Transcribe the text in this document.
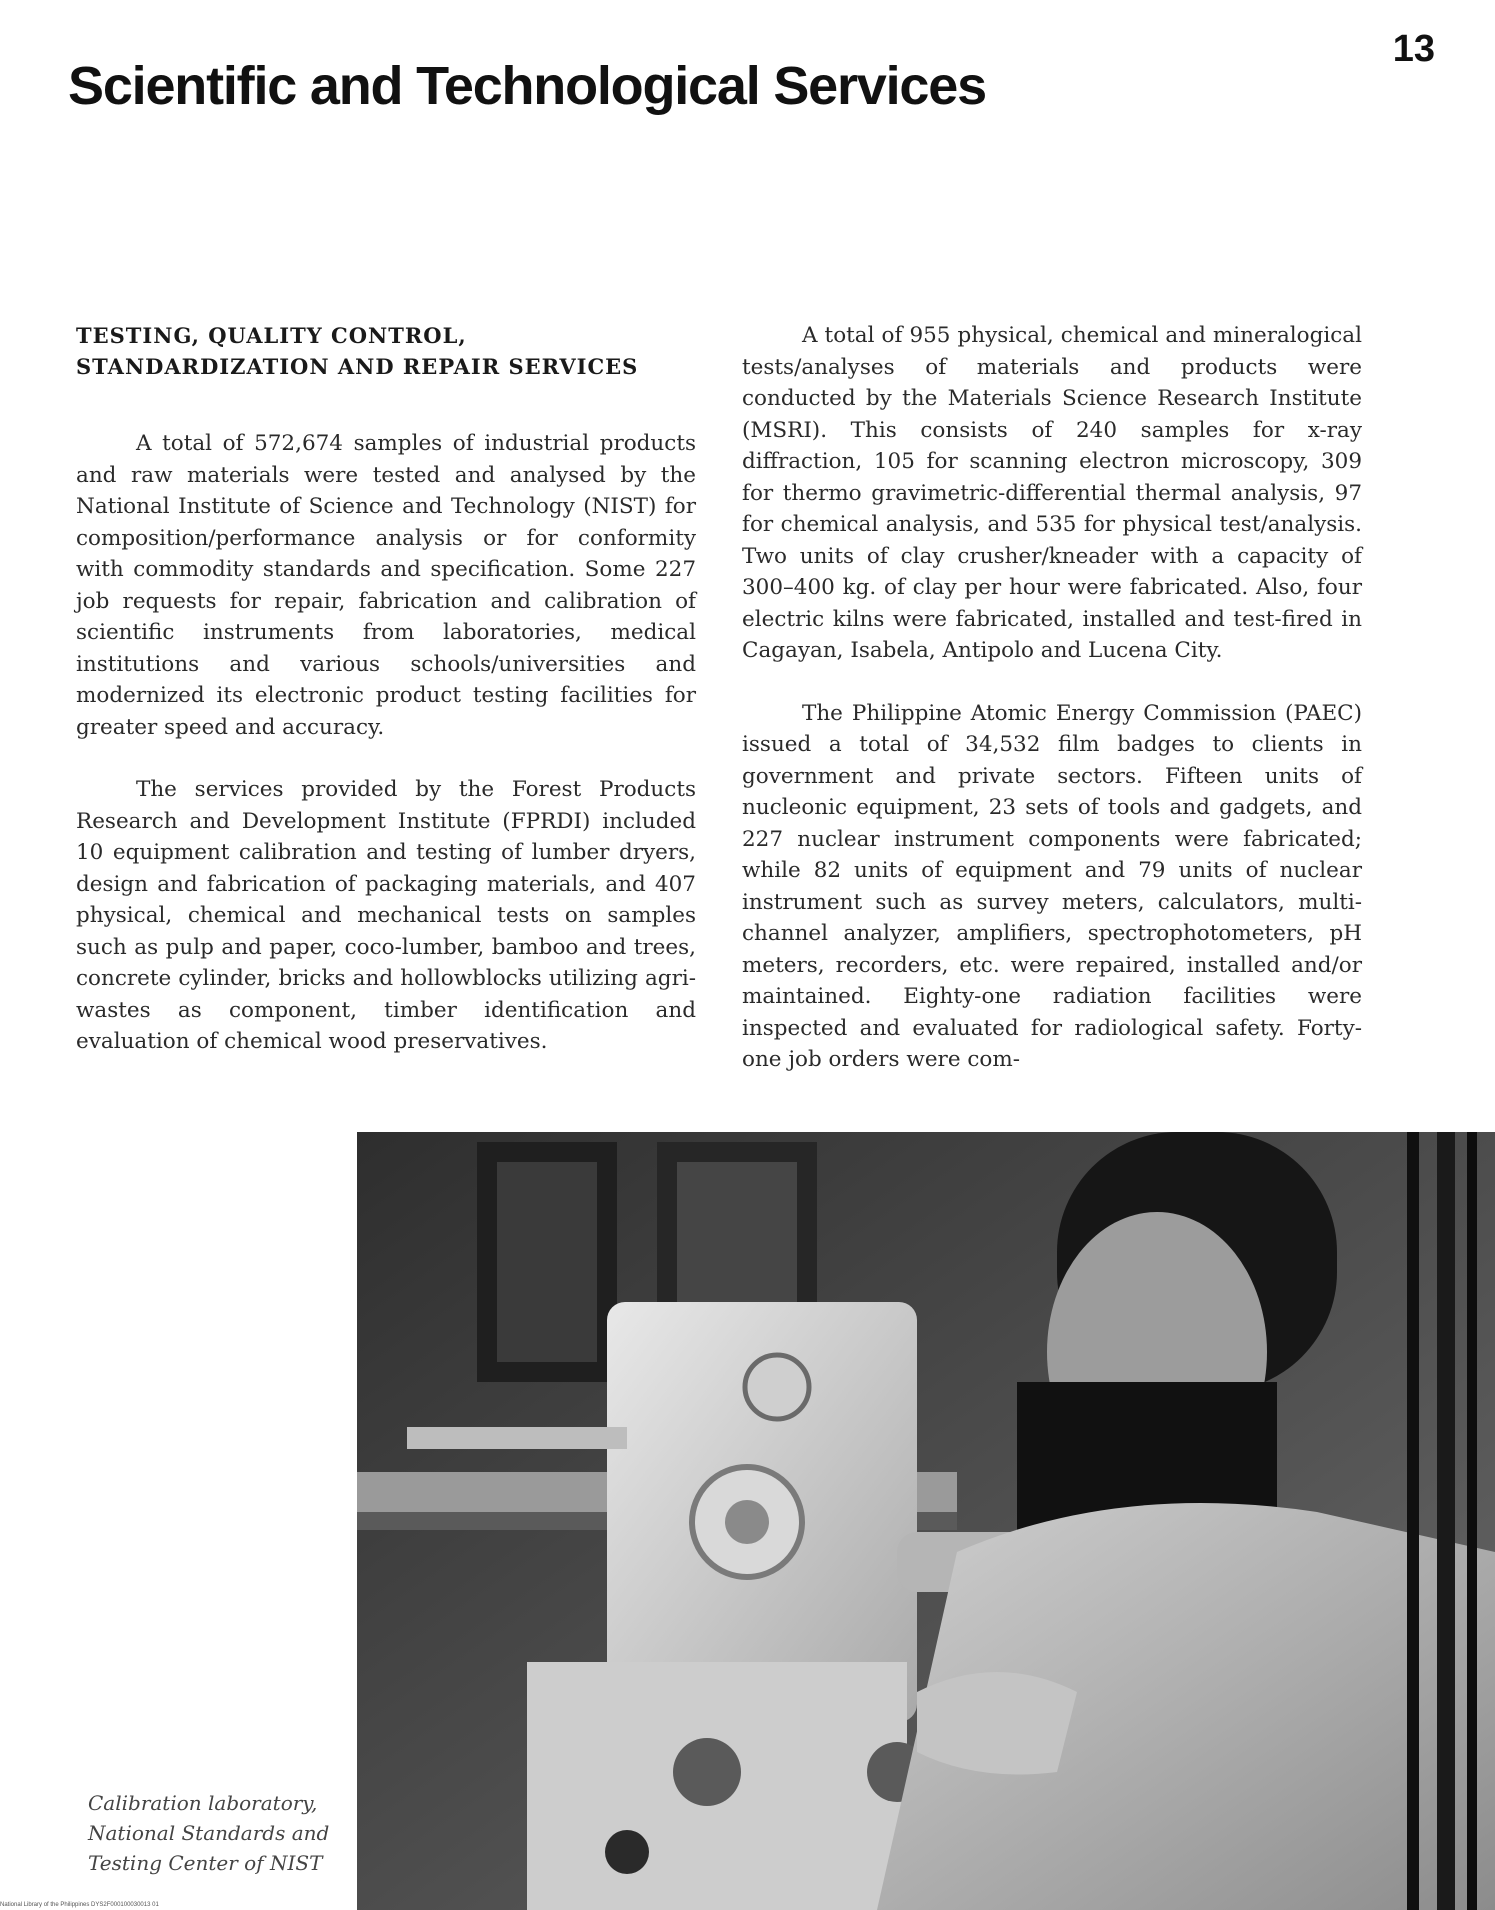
13
Scientific and Technological Services
TESTING, QUALITY CONTROL, STANDARDIZATION AND REPAIR SERVICES

A total of 572,674 samples of industrial products and raw materials were tested and analysed by the National Institute of Science and Technology (NIST) for composition/performance analysis or for conformity with commodity standards and specification. Some 227 job requests for repair, fabrication and calibration of scientific instruments from laboratories, medical institutions and various schools/universities and modernized its electronic product testing facilities for greater speed and accuracy.

The services provided by the Forest Products Research and Development Institute (FPRDI) included 10 equipment calibration and testing of lumber dryers, design and fabrication of packaging materials, and 407 physical, chemical and mechanical tests on samples such as pulp and paper, coco-lumber, bamboo and trees, concrete cylinder, bricks and hollowblocks utilizing agri-wastes as component, timber identification and evaluation of chemical wood preservatives.

A total of 955 physical, chemical and mineralogical tests/analyses of materials and products were conducted by the Materials Science Research Institute (MSRI). This consists of 240 samples for x-ray diffraction, 105 for scanning electron microscopy, 309 for thermo gravimetric-differential thermal analysis, 97 for chemical analysis, and 535 for physical test/analysis. Two units of clay crusher/kneader with a capacity of 300–400 kg. of clay per hour were fabricated. Also, four electric kilns were fabricated, installed and test-fired in Cagayan, Isabela, Antipolo and Lucena City.

The Philippine Atomic Energy Commission (PAEC) issued a total of 34,532 film badges to clients in government and private sectors. Fifteen units of nucleonic equipment, 23 sets of tools and gadgets, and 227 nuclear instrument components were fabricated; while 82 units of equipment and 79 units of nuclear instrument such as survey meters, calculators, multi-channel analyzer, amplifiers, spectrophotometers, pH meters, recorders, etc. were repaired, installed and/or maintained. Eighty-one radiation facilities were inspected and evaluated for radiological safety. Forty-one job orders were com-

Calibration laboratory,
National Standards and
Testing Center of NIST
National Library of the Philippines DYS2F000100030013 01
